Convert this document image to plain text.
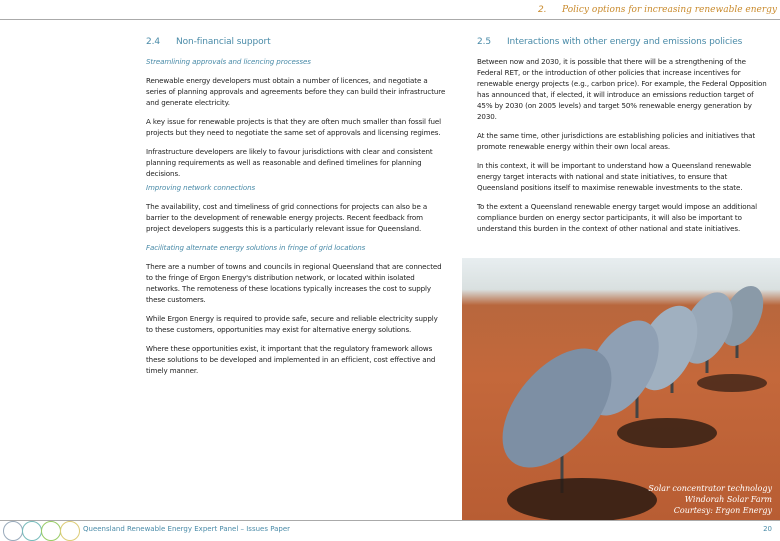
2. Policy options for increasing renewable energy
2.4 Non-financial support

Streamlining approvals and licencing processes

Renewable energy developers must obtain a number of licences, and negotiate a series of planning approvals and agreements before they can build their infrastructure and generate electricity.

A key issue for renewable projects is that they are often much smaller than fossil fuel projects but they need to negotiate the same set of approvals and licensing regimes.

Infrastructure developers are likely to favour jurisdictions with clear and consistent planning requirements as well as reasonable and defined timelines for planning decisions.

Improving network connections

The availability, cost and timeliness of grid connections for projects can also be a barrier to the development of renewable energy projects. Recent feedback from project developers suggests this is a particularly relevant issue for Queensland.

Facilitating alternate energy solutions in fringe of grid locations

There are a number of towns and councils in regional Queensland that are connected to the fringe of Ergon Energy's distribution network, or located within isolated networks. The remoteness of these locations typically increases the cost to supply these customers.

While Ergon Energy is required to provide safe, secure and reliable electricity supply to these customers, opportunities may exist for alternative energy solutions.

Where these opportunities exist, it important that the regulatory framework allows these solutions to be developed and implemented in an efficient, cost effective and timely manner.

2.5 Interactions with other energy and emissions policies

Between now and 2030, it is possible that there will be a strengthening of the Federal RET, or the introduction of other policies that increase incentives for renewable energy projects (e.g., carbon price). For example, the Federal Opposition has announced that, if elected, it will introduce an emissions reduction target of 45% by 2030 (on 2005 levels) and target 50% renewable energy generation by 2030.

At the same time, other jurisdictions are establishing policies and initiatives that promote renewable energy within their own local areas.

In this context, it will be important to understand how a Queensland renewable energy target interacts with national and state initiatives, to ensure that Queensland positions itself to maximise renewable investments to the state.

To the extent a Queensland renewable energy target would impose an additional compliance burden on energy sector participants, it will also be important to understand this burden in the context of other national and state initiatives.

Solar concentrator technology
Windorah Solar Farm
Courtesy: Ergon Energy
Queensland Renewable Energy Expert Panel – Issues Paper	20
